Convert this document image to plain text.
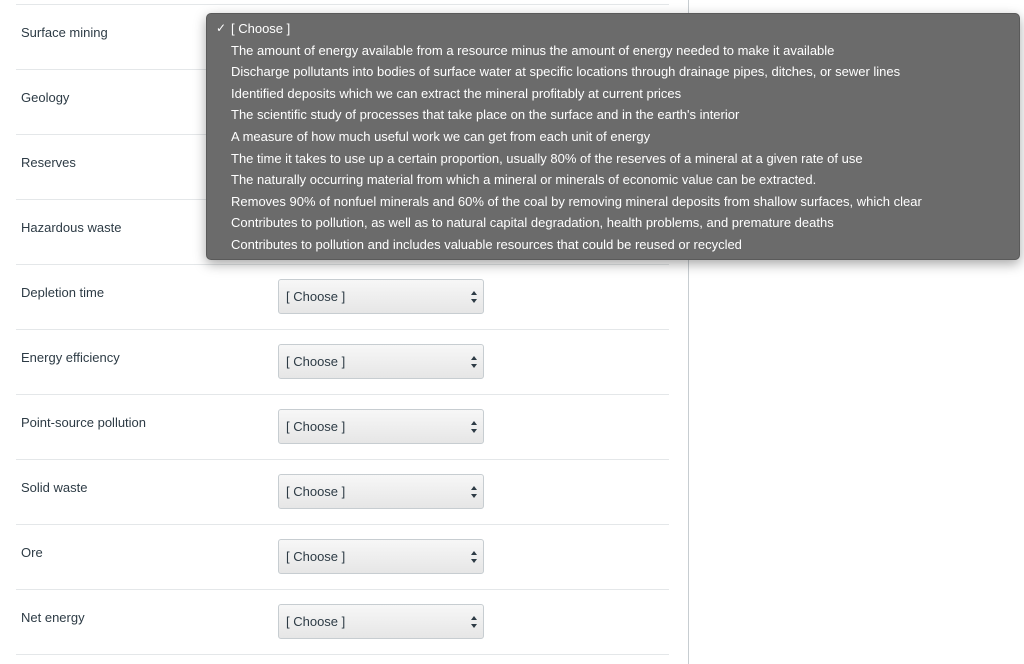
Surface mining
Geology
Reserves
Hazardous waste
Depletion time	[ Choose ]
Energy efficiency	[ Choose ]
Point-source pollution	[ Choose ]
Solid waste	[ Choose ]
Ore	[ Choose ]
Net energy	[ Choose ]
✓ [ Choose ]
The amount of energy available from a resource minus the amount of energy needed to make it available
Discharge pollutants into bodies of surface water at specific locations through drainage pipes, ditches, or sewer lines
Identified deposits which we can extract the mineral profitably at current prices
The scientific study of processes that take place on the surface and in the earth's interior
A measure of how much useful work we can get from each unit of energy
The time it takes to use up a certain proportion, usually 80% of the reserves of a mineral at a given rate of use
The naturally occurring material from which a mineral or minerals of economic value can be extracted.
Removes 90% of nonfuel minerals and 60% of the coal by removing mineral deposits from shallow surfaces, which clear
Contributes to pollution, as well as to natural capital degradation, health problems, and premature deaths
Contributes to pollution and includes valuable resources that could be reused or recycled
